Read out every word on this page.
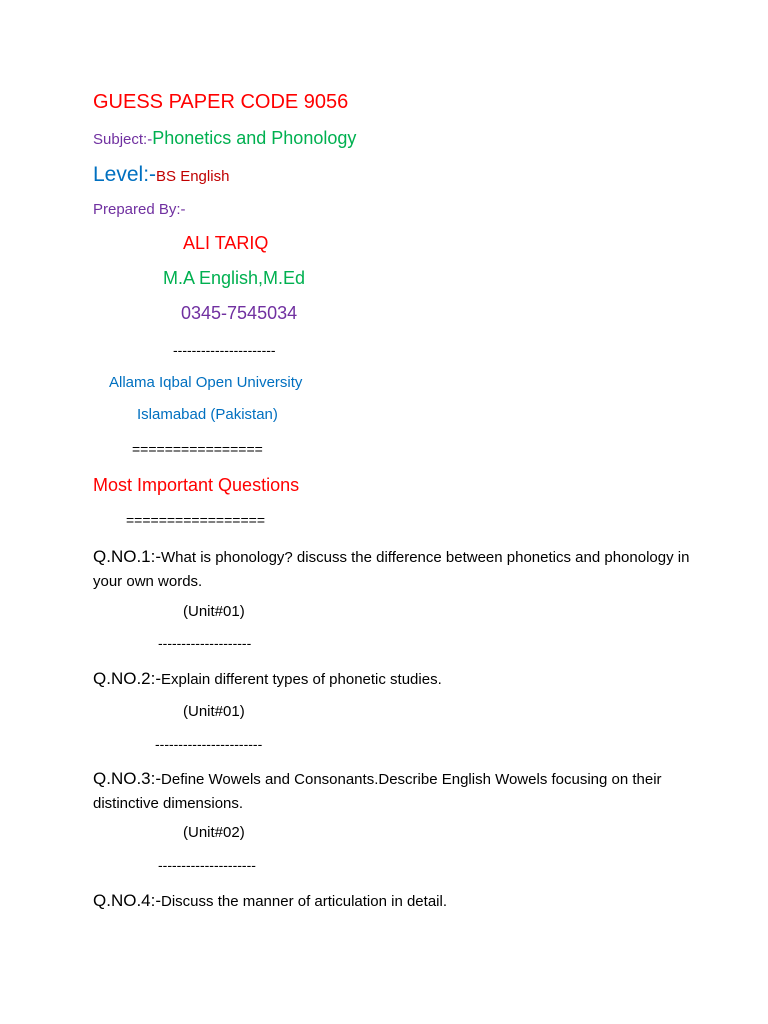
GUESS PAPER CODE 9056
Subject:-Phonetics and Phonology
Level:-BS English
Prepared By:-
ALI TARIQ
M.A English,M.Ed
0345-7545034
----------------------
Allama Iqbal Open University
Islamabad (Pakistan)
================
Most Important Questions
=================
Q.NO.1:-What is phonology? discuss the difference between phonetics and phonology in your own words.
(Unit#01)
--------------------
Q.NO.2:-Explain different types of phonetic studies.
(Unit#01)
-----------------------
Q.NO.3:-Define Wowels and Consonants.Describe English Wowels focusing on their distinctive dimensions.
(Unit#02)
---------------------
Q.NO.4:-Discuss the manner of articulation in detail.
